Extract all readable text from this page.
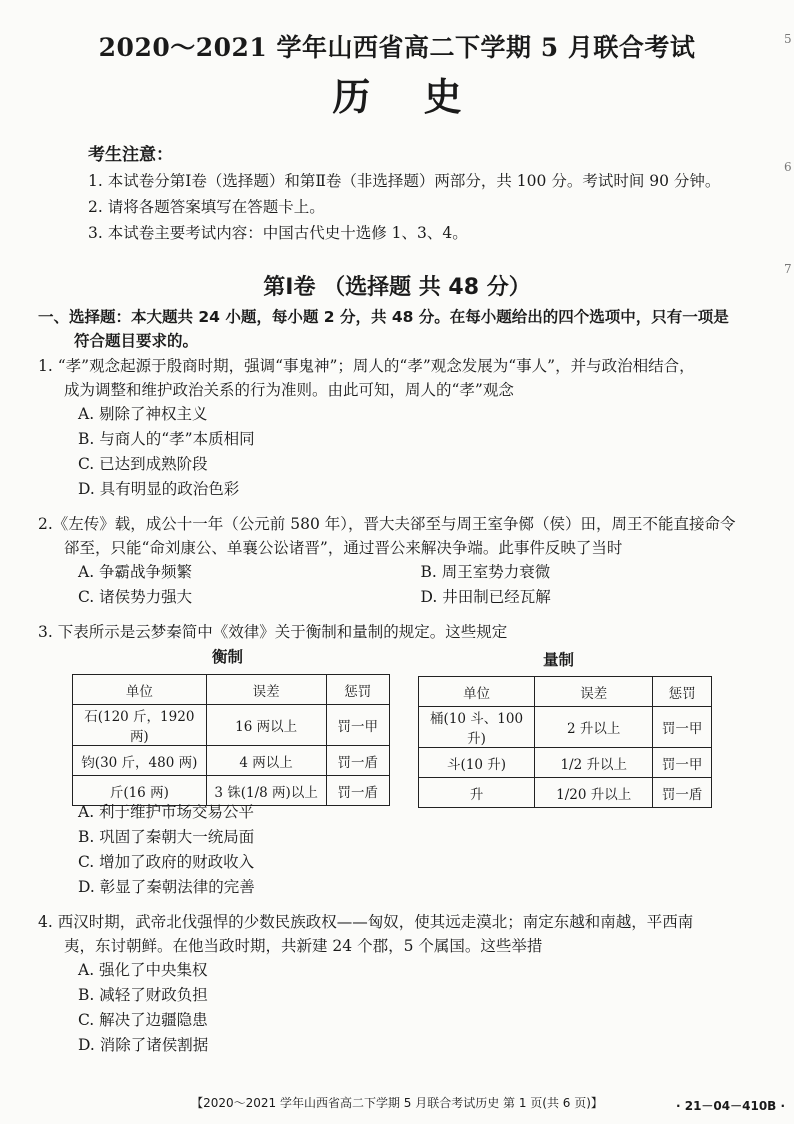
2020～2021 学年山西省高二下学期 5 月联合考试
历 史
考生注意：
1. 本试卷分第Ⅰ卷（选择题）和第Ⅱ卷（非选择题）两部分，共 100 分。考试时间 90 分钟。
2. 请将各题答案填写在答题卡上。
3. 本试卷主要考试内容：中国古代史十选修 1、3、4。
第Ⅰ卷 （选择题 共 48 分）
一、选择题：本大题共 24 小题，每小题 2 分，共 48 分。在每小题给出的四个选项中，只有一项是
符合题目要求的。
1. “孝”观念起源于殷商时期，强调“事鬼神”；周人的“孝”观念发展为“事人”，并与政治相结合，
成为调整和维护政治关系的行为准则。由此可知，周人的“孝”观念
A. 剔除了神权主义
B. 与商人的“孝”本质相同
C. 已达到成熟阶段
D. 具有明显的政治色彩
2.《左传》载，成公十一年（公元前 580 年），晋大夫郤至与周王室争鄇（侯）田，周王不能直接命令
郤至，只能“命刘康公、单襄公讼诸晋”，通过晋公来解决争端。此事件反映了当时
A. 争霸战争频繁	B. 周王室势力衰微
C. 诸侯势力强大	D. 井田制已经瓦解
3. 下表所示是云梦秦简中《效律》关于衡制和量制的规定。这些规定
衡制	量制
单位	误差	惩罚
石(120 斤，1920 两)	16 两以上	罚一甲
钧(30 斤，480 两)	4 两以上	罚一盾
斤(16 两)	3 铢(1/8 两)以上	罚一盾
单位	误差	惩罚
桶(10 斗、100 升)	2 升以上	罚一甲
斗(10 升)	1/2 升以上	罚一甲
升	1/20 升以上	罚一盾
A. 利于维护市场交易公平
B. 巩固了秦朝大一统局面
C. 增加了政府的财政收入
D. 彰显了秦朝法律的完善
4. 西汉时期，武帝北伐强悍的少数民族政权——匈奴，使其远走漠北；南定东越和南越，平西南
夷，东讨朝鲜。在他当政时期，共新建 24 个郡，5 个属国。这些举措
A. 强化了中央集权
B. 减轻了财政负担
C. 解决了边疆隐患
D. 消除了诸侯割据
【2020～2021 学年山西省高二下学期 5 月联合考试历史 第 1 页(共 6 页)】	· 21－04－410B ·
5
6
7
